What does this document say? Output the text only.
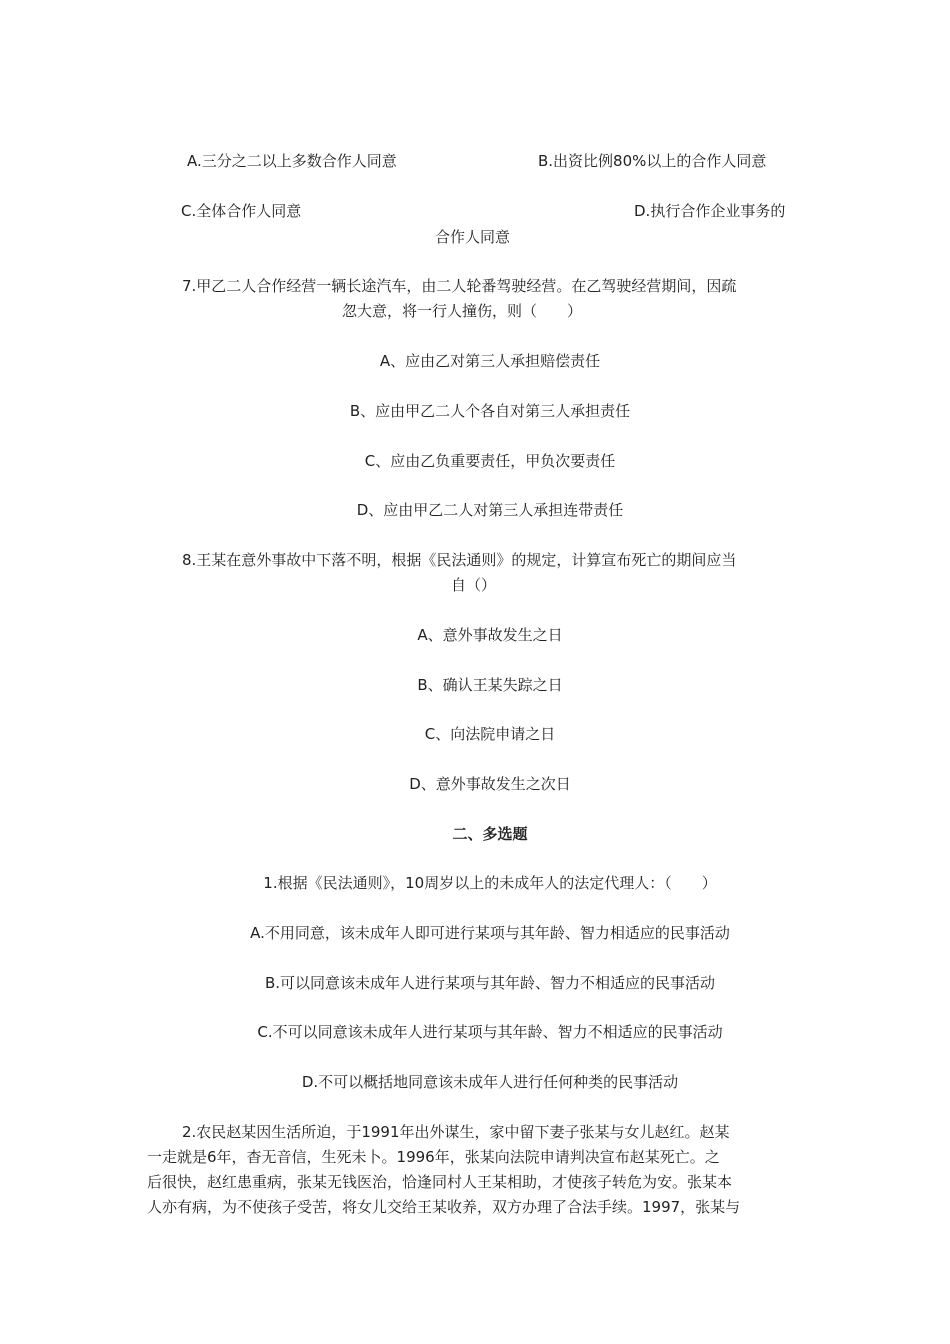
A.三分之二以上多数合作人同意	B.出资比例80%以上的合作人同意
C.全体合作人同意	D.执行合作企业事务的
合作人同意
7.甲乙二人合作经营一辆长途汽车，由二人轮番驾驶经营。在乙驾驶经营期间，因疏
忽大意，将一行人撞伤，则（　　）
A、应由乙对第三人承担赔偿责任
B、应由甲乙二人个各自对第三人承担责任
C、应由乙负重要责任，甲负次要责任
D、应由甲乙二人对第三人承担连带责任
8.王某在意外事故中下落不明，根据《民法通则》的规定，计算宣布死亡的期间应当
自（）
A、意外事故发生之日
B、确认王某失踪之日
C、向法院申请之日
D、意外事故发生之次日
二、多选题
1.根据《民法通则》，10周岁以上的未成年人的法定代理人：（　　）
A.不用同意，该未成年人即可进行某项与其年龄、智力相适应的民事活动
B.可以同意该未成年人进行某项与其年龄、智力不相适应的民事活动
C.不可以同意该未成年人进行某项与其年龄、智力不相适应的民事活动
D.不可以概括地同意该未成年人进行任何种类的民事活动
2.农民赵某因生活所迫，于1991年出外谋生，家中留下妻子张某与女儿赵红。赵某
一走就是6年，杳无音信，生死未卜。1996年，张某向法院申请判决宣布赵某死亡。之
后很快，赵红患重病，张某无钱医治，恰逢同村人王某相助，才使孩子转危为安。张某本
人亦有病，为不使孩子受苦，将女儿交给王某收养，双方办理了合法手续。1997，张某与
